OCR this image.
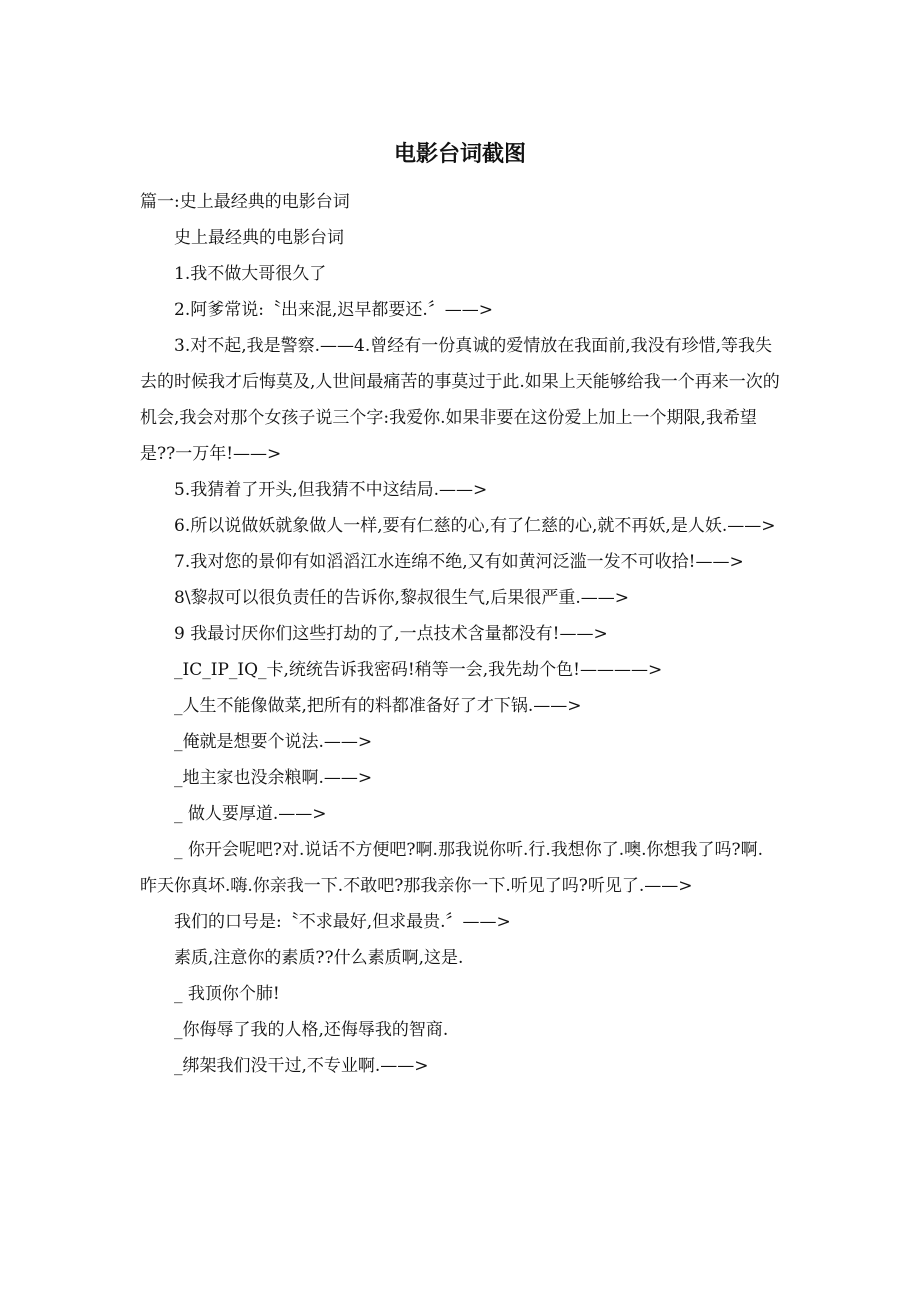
电影台词截图

篇一:史上最经典的电影台词

史上最经典的电影台词

1.我不做大哥很久了

2.阿爹常说:〝出来混,迟早都要还.〞——>

3.对不起,我是警察.——4.曾经有一份真诚的爱情放在我面前,我没有珍惜,等我失去的时候我才后悔莫及,人世间最痛苦的事莫过于此.如果上天能够给我一个再来一次的机会,我会对那个女孩子说三个字:我爱你.如果非要在这份爱上加上一个期限,我希望是??一万年!——>

5.我猜着了开头,但我猜不中这结局.——>

6.所以说做妖就象做人一样,要有仁慈的心,有了仁慈的心,就不再妖,是人妖.——>

7.我对您的景仰有如滔滔江水连绵不绝,又有如黄河泛滥一发不可收拾!——>

8\黎叔可以很负责任的告诉你,黎叔很生气,后果很严重.——>

9 我最讨厌你们这些打劫的了,一点技术含量都没有!——>

_IC_IP_IQ_卡,统统告诉我密码!稍等一会,我先劫个色!————>

_人生不能像做菜,把所有的料都准备好了才下锅.——>

_俺就是想要个说法.——>

_地主家也没余粮啊.——>

_ 做人要厚道.——>

_ 你开会呢吧?对.说话不方便吧?啊.那我说你听.行.我想你了.噢.你想我了吗?啊.昨天你真坏.嗨.你亲我一下.不敢吧?那我亲你一下.听见了吗?听见了.——>

我们的口号是:〝不求最好,但求最贵.〞——>

素质,注意你的素质??什么素质啊,这是.

_ 我顶你个肺!

_你侮辱了我的人格,还侮辱我的智商.

_绑架我们没干过,不专业啊.——>
